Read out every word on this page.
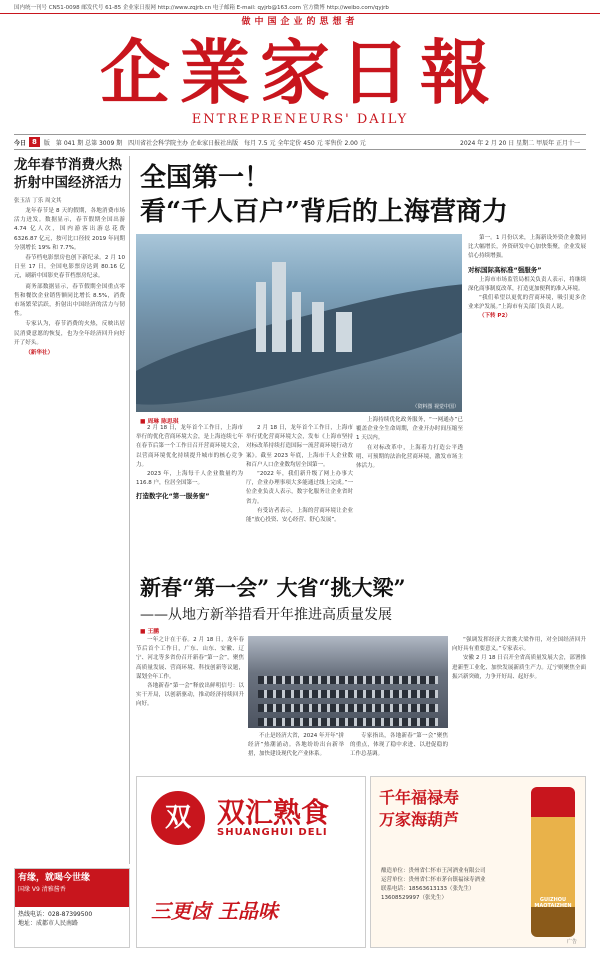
国内统一刊号 CN51-0098 邮发代号 61-85 企业家日报网 http://www.zqjrb.cn 电子邮箱 E-mail: qyjrb@163.com 官方微博 http://weibo.com/qyjrb
做中国企业的思想者
企業家日報
ENTREPRENEURS' DAILY
今日 8	版 第 041 期 总第 3009 期 四川省社会科学院主办 企业家日报社出版 每月 7.5 元 全年定价 450 元 零售价 2.00 元	2024 年 2 月 20 日 星期二 甲辰年 正月十一
龙年春节消费火热
折射中国经济活力
张玉洁 丁乐 周文其

龙年春节是 8 天的假期，各地消费市场活力迸发。数据显示，春节假期全国出游 4.74 亿人次，国内游客出游总花费 6326.87 亿元，按可比口径较 2019 年同期分别增长 19% 和 7.7%。

春节档电影票房也创下新纪录。2 月 10 日至 17 日，全国电影票房达到 80.16 亿元，刷新中国影史春节档票房纪录。

商务部数据显示，春节假期全国重点零售和餐饮企业销售额同比增长 8.5%，消费市场繁荣活跃，折射出中国经济的活力与韧性。

专家认为，春节消费的火热，反映出居民消费意愿的恢复，也为全年经济回升向好开了好头。

（新华社）

有缘，就喝今世缘
国缘 V9 清雅酱香
热线电话：028-87399500
地址：成都市人民南路
全国第一！
看“千人百户”背后的上海营商力
（资料图 视觉中国）
■ 周琳 陈思琪

2 月 18 日，龙年首个工作日，上海市举行的优化营商环境大会，是上海连续七年在春节后第一个工作日召开营商环境大会，以营商环境优化持续提升城市的核心竞争力。

2023 年，上海每千人企业数量约为 116.8 户，位居全国第一。

打造数字化“第一服务窗”

2 月 18 日，龙年首个工作日，上海市举行优化营商环境大会，发布《上海市坚持对标改革持续打造国际一流营商环境行动方案》。截至 2023 年底，上海市千人企业数和百户人口企业数均居全国第一。

“2022 年，我们新升级了网上办事大厅，企业办理事项大多能通过线上完成。”一位企业负责人表示，数字化服务让企业省时省力。

有受访者表示，上海的营商环境让企业能“放心投资、安心经营、舒心发展”。

上海持续优化政务服务，“一网通办”已覆盖企业全生命周期，企业开办时间压缩至 1 天以内。

在对标改革中，上海着力打造公平透明、可预期的法治化营商环境，激发市场主体活力。

第一。1 月份以来，上海新设外资企业数同比大幅增长，外资研发中心加快集聚，企业发展信心持续增强。

对标国际高标准“强服务”

上海市市场监管局相关负责人表示，将继续深化商事制度改革，打造更加便利的准入环境。

“我们希望以更优的营商环境，吸引更多企业来沪发展。”上海市有关部门负责人说。

（下转 P2）

新春“第一会” 大省“挑大梁”
——从地方新举措看开年推进高质量发展
■ 王鹏

一年之计在于春。2 月 18 日，龙年春节后首个工作日，广东、山东、安徽、辽宁、河北等多省份召开新春“第一会”，聚焦高质量发展、营商环境、科技创新等议题，谋划全年工作。

各地新春“第一会”释放出鲜明信号：以实干开局，以创新驱动，推动经济持续回升向好。

不止是经济大省，2024 年开年“拼经济”热潮涌动。各地纷纷出台新举措，加快建设现代化产业体系。

专家指出，各地新春“第一会”聚焦的重点，体现了稳中求进、以进促稳的工作总基调。

“强调发挥经济大省挑大梁作用，对全国经济回升向好具有重要意义。”专家表示。

安徽 2 月 18 日召开全省高质量发展大会，部署推进新型工业化、加快发展新质生产力。辽宁则聚焦全面振兴新突破，力争开好局、起好步。

双 双汇熟食
SHUANGHUI DELI
三更卤 王品味
千年福禄寿
万家海葫芦
酿造单位：贵州省仁怀市王河酒业有限公司
运营单位：贵州省仁怀市茅台镇福禄寿酒业
联系电话：18563613133（张先生）
13608529997（张先生）	GUIZHOU MAOTAIZHEN
广告
